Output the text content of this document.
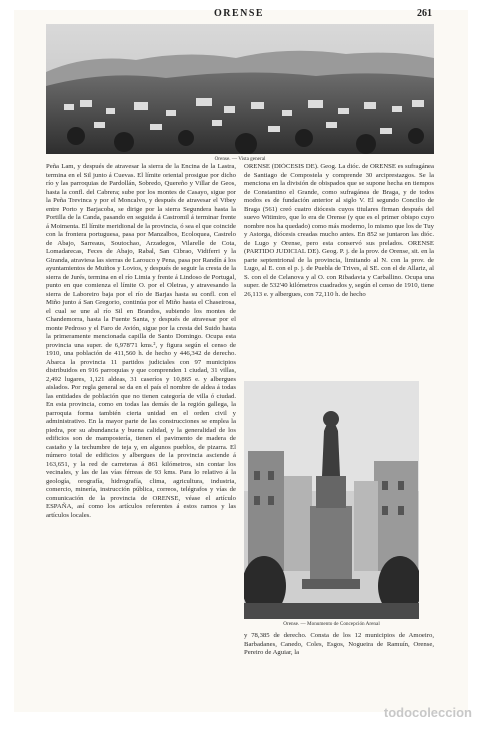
ORENSE	261
Orense. — Vista general

Peña Lam, y después de atravesar la sierra de la Encina de la Lastra, termina en el Sil junto á Cuevas. El límite oriental prosigue por dicho río y las parroquias de Pardollán, Sobredo, Quereño y Villar de Geos, hasta la confl. del Cabrera; sube por los montes de Casayo, sigue por la Peña Trevinca y por el Moncalvo, y después de atravesar el Vibey entre Porto y Barjacoba, se dirige por la sierra Segundera hasta la Portilla de la Canda, pasando en seguida á Castromil á terminar frente á Moimenta. El límite meridional de la provincia, ó sea el que coincide con la frontera portuguesa, pasa por Manzalbos, Ecoloquea, Castrelo de Abajo, Sarreaus, Soutochao, Arzadegos, Vilarelle de Cota, Lomadarecas, Feces de Abajo, Rabal, San Cibrao, Vidiferri y la Giranda, atraviesa las sierras de Larouco y Pena, pasa por Randín á los ayuntamientos de Muiños y Lovios, y después de seguir la cresta de la sierra de Jurés, termina en el río Limia y frente á Lindoso de Portugal, punto en que comienza el límite O. por el Oleiras, y atravesando la sierra de Laboreiro baja por el río de Barjas hasta su confl. con el Miño junto á San Gregorio, continúa por el Miño hasta el Chaseirosa, el cual se une al río Sil en Brandos, subiendo los montes de Chandemorra, hasta la Fuente Santa, y después de atravesar por el monte Pedroso y el Faro de Avión, sigue por la cresta del Suido hasta la primeramente mencionada capilla de Santo Domingo. Ocupa esta provincia una super. de 6,978'71 kms.², y figura según el censo de 1910, una población de 411,560 h. de hecho y 446,342 de derecho. Abarca la provincia 11 partidos judiciales con 97 municipios distribuidos en 916 parroquias y que comprenden 1 ciudad, 31 villas, 2,492 lugares, 1,121 aldeas, 31 caseríos y 10,865 e. y albergues aislados. Por regla general se da en el país el nombre de aldea á todas las entidades de población que no tienen categoría de villa ó ciudad. En esta provincia, como en todas las demás de la región gallega, la parroquia forma también cierta unidad en el orden civil y administrativo. En la mayor parte de las construcciones se emplea la piedra, por su abundancia y buena calidad, y la generalidad de los edificios son de mampostería, tienen el pavimento de madera de castaño y la techumbre de teja y, en algunos pueblos, de pizarra. El número total de edificios y albergues de la provincia asciende á 163,651, y la red de carreteras á 861 kilómetros, sin contar los vecinales, y las de las vías férreas de 93 kms. Para lo relativo á la geología, orografía, hidrografía, clima, agricultura, industria, comercio, minería, instrucción pública, correos, telégrafos y vías de comunicación de la provincia de ORENSE, véase el artículo ESPAÑA, así como los artículos referentes á estos ramos y las artículos locales.

ORENSE (DIÓCESIS DE). Geog. La dióc. de ORENSE es sufragánea de Santiago de Compostela y comprende 30 arciprestazgos. Se la menciona en la división de obispados que se supone hecha en tiempos de Constantino el Grande, como sufragánea de Braga, y de todos modos es de fundación anterior al siglo V. El segundo Concilio de Braga (561) creó cuatro diócesis cuyos titulares firman después del suevo Witimiro, que lo era de Orense (y que es el primer obispo cuyo nombre nos ha quedado) como más moderno, lo mismo que los de Tuy y Astorga, diócesis creadas mucho antes. En 852 se juntaron las dióc. de Lugo y Orense, pero esta conservó sus prelados. ORENSE (PARTIDO JUDICIAL DE). Geog. P. j. de la prov. de Orense, sit. en la parte septentrional de la provincia, limitando al N. con la prov. de Lugo, al E. con el p. j. de Puebla de Trives, al SE. con el de Allariz, al S. con el de Celanova y al O. con Ribadavia y Carballino. Ocupa una super. de 532'40 kilómetros cuadrados y, según el censo de 1910, tiene 26,113 e. y albergues, con 72,110 h. de hecho

Orense. — Monumento de Concepción Arenal

y 78,385 de derecho. Consta de los 12 municipios de Amoeiro, Barbadanes, Canedo, Coles, Esgos, Nogueira de Ramuín, Orense, Pereiro de Aguiar, la

todocoleccion
